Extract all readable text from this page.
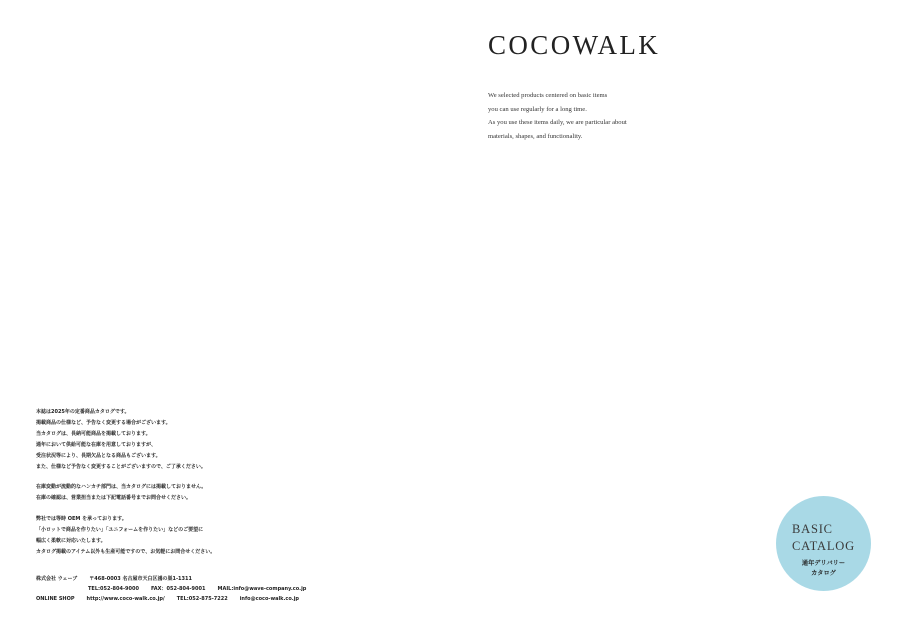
COCOWALK
We selected products centered on basic items
you can use regularly for a long time.
As you use these items daily, we are particular about
materials, shapes, and functionality.
本誌は2025年の定番商品カタログです。
掲載商品の仕様など、予告なく変更する場合がございます。
当カタログは、長納可能商品を掲載しております。
通年において供給可能な在庫を用意しておりますが、
受注状況等により、長期欠品となる商品もございます。
また、仕様など予告なく変更することがございますので、ご了承ください。
在庫変動が流動的なハンカチ部門は、当カタログには掲載しておりません。
在庫の確認は、営業担当または下記電話番号までお問合せください。
弊社では等時 OEM を承っております。
「小ロットで商品を作りたい」「ユニフォームを作りたい」などのご要望に
幅広く柔軟に対応いたします。
カタログ掲載のアイテム以外も生産可能ですので、お気軽にお問合せください。
株式会社 ウェーブ 〒468-0003 名古屋市天白区鴻の巣1-1311
TEL:052-804-9000 FAX：052-804-9001 MAIL:info@wave-company.co.jp
ONLINE SHOP http://www.coco-walk.co.jp/ TEL:052-875-7222 info@coco-walk.co.jp
BASIC
CATALOG
通年デリバリー
カタログ
